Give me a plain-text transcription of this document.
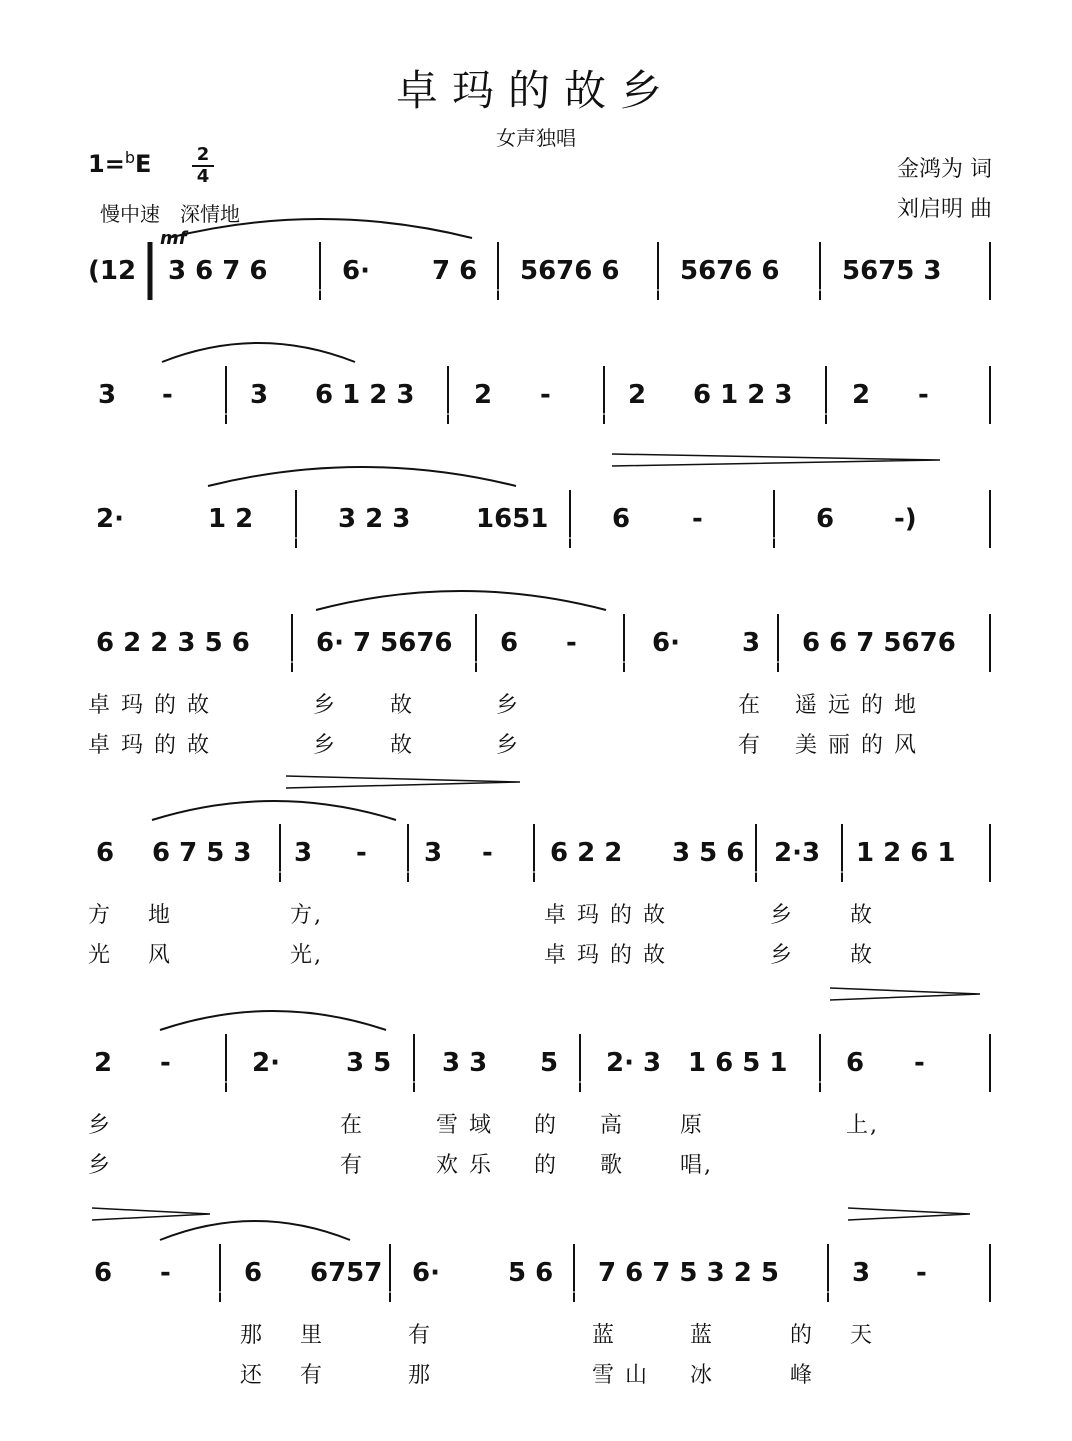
卓玛的故乡
女声独唱
1=$^b$E	2
4
慢中速　深情地
金鸿为 词
刘启明 曲
(12 3 6 7 6	6· 7 6 5676 6 5676 6 5675 3
3 -	3 6 1 2 3 2 -	2 6 1 2 3 2 -
2·	1 2	3 2 3	1651 6 -	6 -)
6 2 2 3 5 6	6· 7 5676 6 -	6· 3 6 6 7 5676
卓 玛 的 故	乡 故	乡	在 遥 远 的 地
卓 玛 的 故	乡 故	乡	有 美 丽 的 风
6 6 7 5 3 3 - 3 - 6 2 2 3 5 6 2·3 1 2 6 1
方 地	方,	卓 玛 的 故	乡	故
光 风	光,	卓 玛 的 故	乡	故
2 -	2·	3 5 3 3 5 2· 3 1 6 5 1 6 -
乡	在	雪 域 的 高	原	上,
乡	有	欢 乐 的 歌	唱,
6 -	6 6757 6·	5 6 7 6 7 5 3 2 5	3 -
那 里	有	蓝	蓝	的 天
还 有	那	雪 山 冰	峰
mf
